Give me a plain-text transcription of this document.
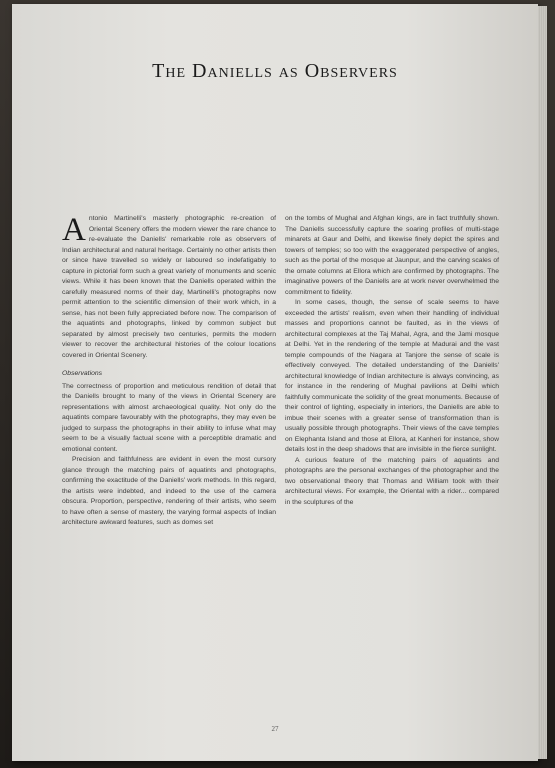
The Daniells as Observers

Antonio Martinelli's masterly photographic re-creation of Oriental Scenery offers the modern viewer the rare chance to re-evaluate the Daniells' remarkable role as observers of Indian architectural and natural heritage. Certainly no other artists then or since have travelled so widely or laboured so indefatigably to capture in pictorial form such a great variety of monuments and scenic views. While it has been known that the Daniells operated within the carefully measured norms of their day, Martinelli's photographs now permit attention to the scientific dimension of their work which, in a sense, has not been fully appreciated before now. The comparison of the aquatints and photographs, linked by common subject but separated by almost precisely two centuries, permits the modern viewer to recover the architectural histories of the colour locations covered in Oriental Scenery.

Observations

The correctness of proportion and meticulous rendition of detail that the Daniells brought to many of the views in Oriental Scenery are representations with almost archaeological quality. Not only do the aquatints compare favourably with the photographs, they may even be judged to surpass the photographs in their ability to infuse what may seem to be a visually factual scene with a perceptible dramatic and emotional content.

Precision and faithfulness are evident in even the most cursory glance through the matching pairs of aquatints and photographs, confirming the exactitude of the Daniells' work methods. In this regard, the artists were indebted, and indeed to the use of the camera obscura. Proportion, perspective, rendering of their artists, who seem to have often a sense of mastery, the varying formal aspects of Indian architecture awkward features, such as domes set

on the tombs of Mughal and Afghan kings, are in fact truthfully shown. The Daniells successfully capture the soaring profiles of multi-stage minarets at Gaur and Delhi, and likewise finely depict the spires and towers of temples; so too with the exaggerated perspective of angles, such as the portal of the mosque at Jaunpur, and the carving scales of the ornate columns at Ellora which are confirmed by photographs. The imaginative powers of the Daniells are at work never overwhelmed the commitment to fidelity.

In some cases, though, the sense of scale seems to have exceeded the artists' realism, even when their handling of individual masses and proportions cannot be faulted, as in the views of architectural complexes at the Taj Mahal, Agra, and the Jami mosque at Delhi. Yet in the rendering of the temple at Madurai and the vast temple compounds of the Nagara at Tanjore the sense of scale is effectively conveyed. The detailed understanding of the Daniells' architectural knowledge of Indian architecture is always convincing, as for instance in the rendering of Mughal pavilions at Delhi which faithfully communicate the solidity of the great monuments. Because of their control of lighting, especially in interiors, the Daniells are able to imbue their scenes with a greater sense of transformation than is usually possible through photographs. Their views of the cave temples on Elephanta Island and those at Ellora, at Kanheri for instance, show details lost in the deep shadows that are invisible in the fierce sunlight.

A curious feature of the matching pairs of aquatints and photographs are the personal exchanges of the photographer and the two observational theory that Thomas and William took with their architectural views. For example, the Oriental with a rider... compared in the sculptures of the

27
